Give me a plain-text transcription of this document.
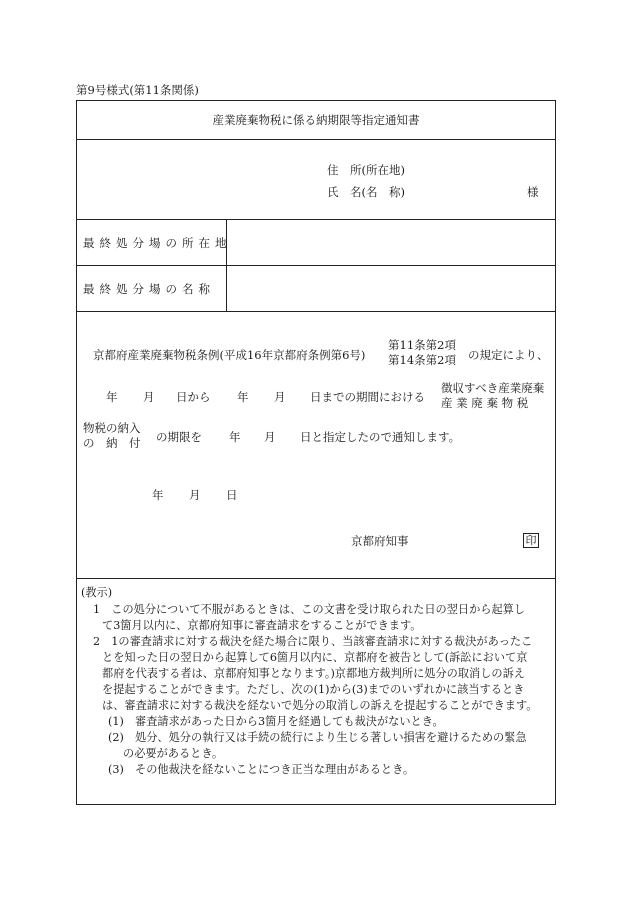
第9号様式(第11条関係)
産業廃棄物税に係る納期限等指定通知書
住　所(所在地)
氏　名(名　称)	様
最終処分場の所在地
最終処分場の名称
京都府産業廃棄物税条例(平成16年京都府条例第6号)
第11条第2項
第14条第2項 の規定により、
年 月 日から 年 月 日までの期間における
徴収すべき産業廃棄
産 業 廃 棄 物 税
物税の納入
の　納　付 の期限を 年 月 日と指定したので通知します。
年 月 日
京都府知事	印
(教示)
1　この処分について不服があるときは、この文書を受け取られた日の翌日から起算し
て3箇月以内に、京都府知事に審査請求をすることができます。
2　1の審査請求に対する裁決を経た場合に限り、当該審査請求に対する裁決があったこ
とを知った日の翌日から起算して6箇月以内に、京都府を被告として(訴訟において京
都府を代表する者は、京都府知事となります。)京都地方裁判所に処分の取消しの訴え
を提起することができます。ただし、次の(1)から(3)までのいずれかに該当するとき
は、審査請求に対する裁決を経ないで処分の取消しの訴えを提起することができます。
(1)　審査請求があった日から3箇月を経過しても裁決がないとき。
(2)　処分、処分の執行又は手続の続行により生じる著しい損害を避けるための緊急
の必要があるとき。
(3)　その他裁決を経ないことにつき正当な理由があるとき。
